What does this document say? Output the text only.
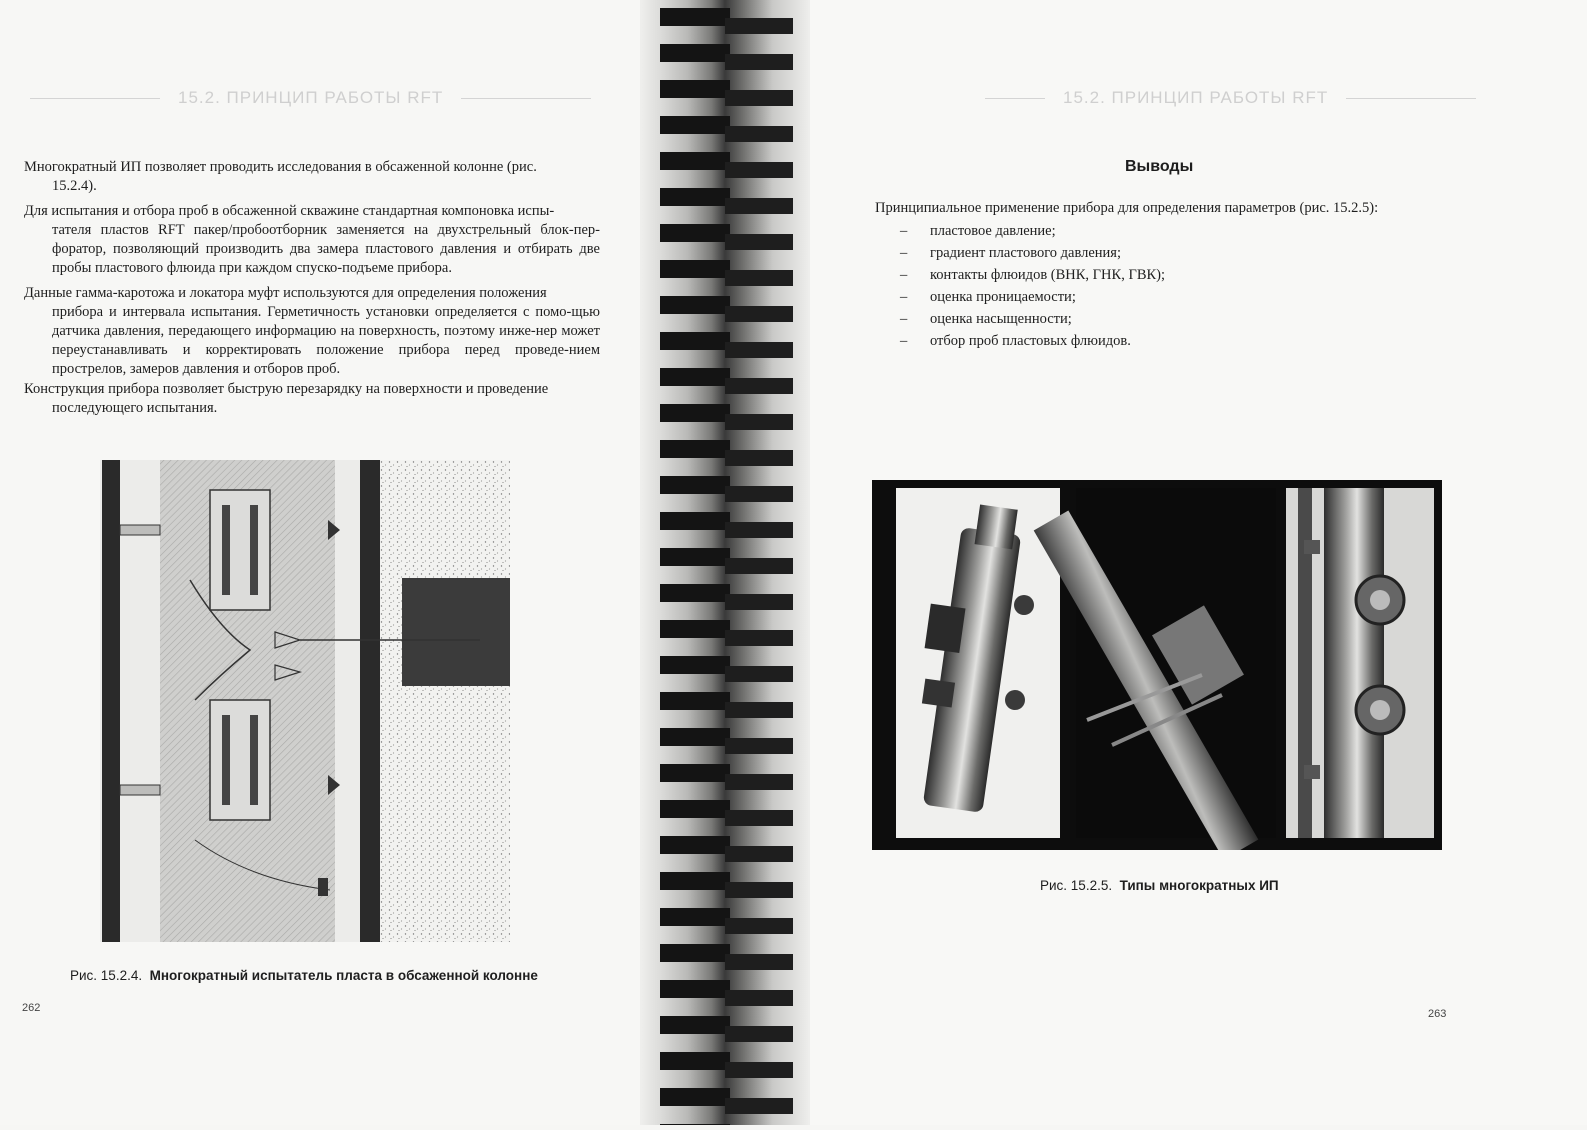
15.2. ПРИНЦИП РАБОТЫ RFT
Многократный ИП позволяет проводить исследования в обсаженной колонне (рис.
15.2.4).
Для испытания и отбора проб в обсаженной скважине стандартная компоновка испы-
тателя пластов RFT пакер/пробоотборник заменяется на двухстрельный блок-пер-форатор, позволяющий производить два замера пластового давления и отбирать две пробы пластового флюида при каждом спуско-подъеме прибора.
Данные гамма-каротожа и локатора муфт используются для определения положения
прибора и интервала испытания. Герметичность установки определяется с помо-щью датчика давления, передающего информацию на поверхность, поэтому инже-нер может переустанавливать и корректировать положение прибора перед проведе-нием прострелов, замеров давления и отборов проб.
Конструкция прибора позволяет быструю перезарядку на поверхности и проведение
последующего испытания.
Рис. 15.2.4. Многократный испытатель пласта в обсаженной колонне
262
15.2. ПРИНЦИП РАБОТЫ RFT
Выводы
Принципиальное применение прибора для определения параметров (рис. 15.2.5):
– пластовое давление;
– градиент пластового давления;
– контакты флюидов (ВНК, ГНК, ГВК);
– оценка проницаемости;
– оценка насыщенности;
– отбор проб пластовых флюидов.
Рис. 15.2.5. Типы многократных ИП
263
